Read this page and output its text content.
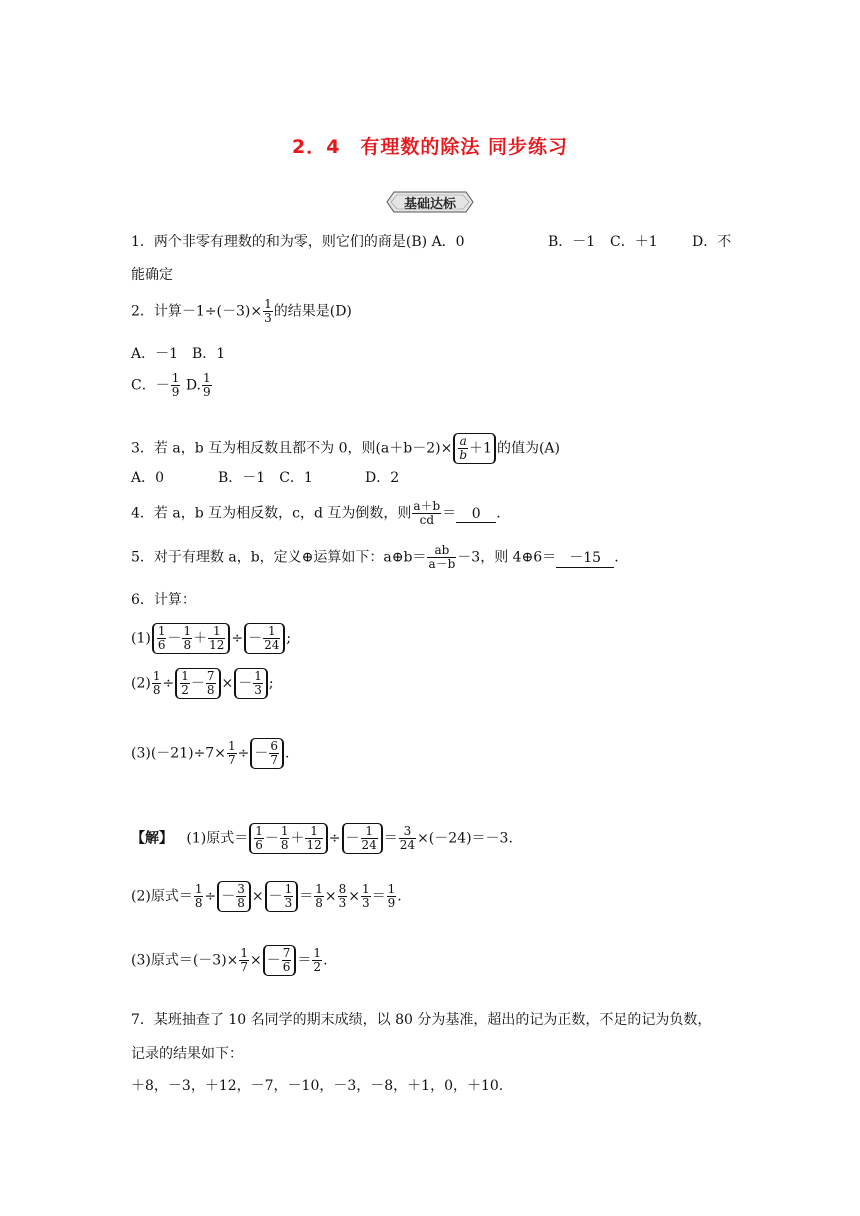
2．4　有理数的除法 同步练习
基础达标
1．两个非零有理数的和为零，则它们的商是(B) A．0	B．－1 C．＋1 D．不
能确定
2．计算$-1\div(-3)\times \frac{1}{3}$ 的结果是(D)
A．－1　B．1
C．－ $\frac{1}{9} D$. $\frac{1}{9}$
3．若 a，b 互为相反数且都不为 0，则$(a+b-2)\times \frac{a}{b} +1$ 的值为(A)
A．0	B．－1　C．1	D．2
4．若 a，b 互为相反数，c，d 互为倒数，则 $\frac{a+b}{cd} = 0$ .
5．对于有理数 a，b，定义⊕运算如下：a⊕b＝ $\frac{ab}{a-b} -3$，则 4⊕6＝ －15 .
6．计算：
$(1) \frac{1}{6} - \frac{1}{8} + \frac{1}{12}$ ÷ － $\frac{1}{24}$ ;
$(2) \frac{1}{8} \div \frac{1}{2} - \frac{7}{8}$ × － $\frac{1}{3}$ ;
$(3)(-21)\div 7\times \frac{1}{7}$ ÷ － $\frac{6}{7}$ .
【解】 (1)原式＝ $\frac{1}{6} - \frac{1}{8} + \frac{1}{12}$ ÷ － $\frac{1}{24} = \frac{3}{24} \times(-24)=-3$.
(2)原式＝ $\frac{1}{8}$ ÷ － $\frac{3}{8}$ × － $\frac{1}{3} = \frac{1}{8} \times \frac{8}{3} \times \frac{1}{3} = \frac{1}{9}$ .
(3)原式$=(-3)\times \frac{1}{7}$ × － $\frac{7}{6} = \frac{1}{2}$ .
7．某班抽查了 10 名同学的期末成绩，以 80 分为基准，超出的记为正数，不足的记为负数，
记录的结果如下：
＋8，－3，＋12，－7，－10，－3，－8，＋1，0，＋10.
